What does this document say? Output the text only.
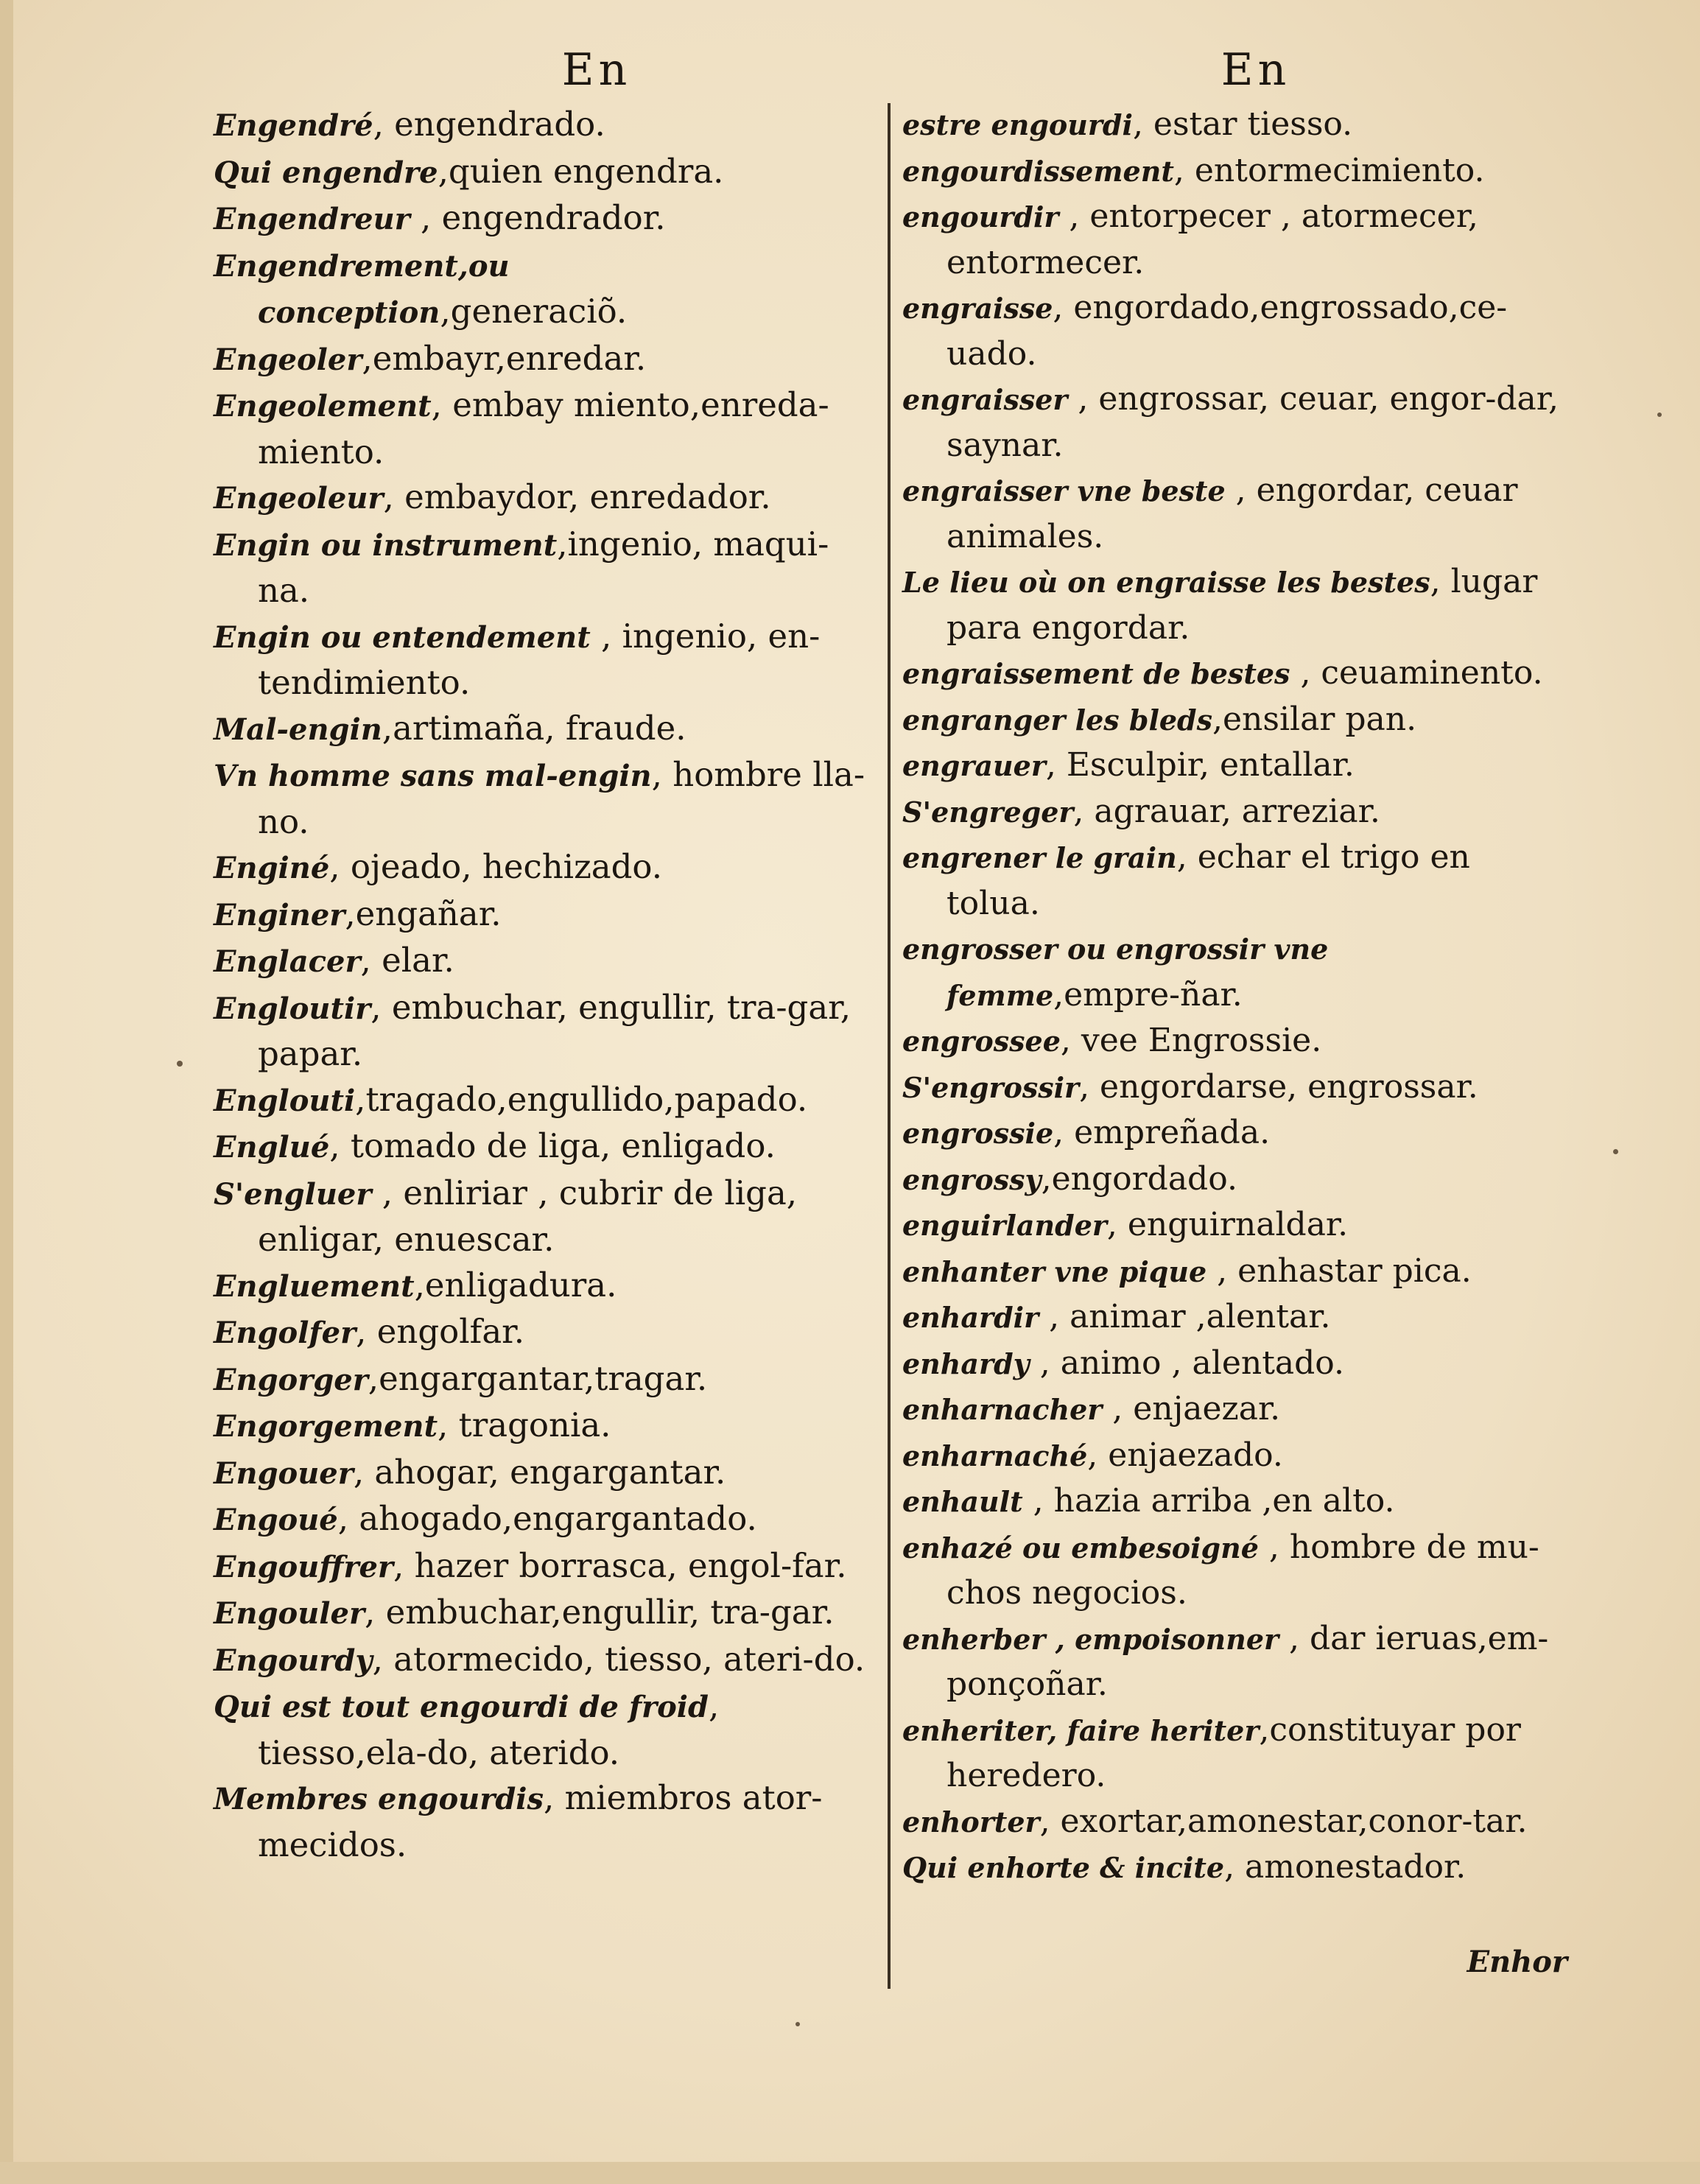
En
Engendré, engendrado.
Qui engendre,quien engendra.
Engendreur , engendrador.
Engendrement,ou conception,generaciõ.
Engeoler,embayr,enredar.
Engeolement, embay miento,enreda-miento.
Engeoleur, embaydor, enredador.
Engin ou instrument,ingenio, maqui-na.
Engin ou entendement , ingenio, en-tendimiento.
Mal-engin,artimaña, fraude.
Vn homme sans mal-engin, hombre lla-no.
Enginé, ojeado, hechizado.
Enginer,engañar.
Englacer, elar.
Engloutir, embuchar, engullir, tra-gar, papar.
Englouti,tragado,engullido,papado.
Englué, tomado de liga, enligado.
S'engluer , enliriar , cubrir de liga, enligar, enuescar.
Engluement,enligadura.
Engolfer, engolfar.
Engorger,engargantar,tragar.
Engorgement, tragonia.
Engouer, ahogar, engargantar.
Engoué, ahogado,engargantado.
Engouffrer, hazer borrasca, engol-far.
Engouler, embuchar,engullir, tra-gar.
Engourdy, atormecido, tiesso, ateri-do.
Qui est tout engourdi de froid, tiesso,ela-do, aterido.
Membres engourdis, miembros ator-mecidos.
En
estre engourdi, estar tiesso.
engourdissement, entormecimiento.
engourdir , entorpecer , atormecer, entormecer.
engraisse, engordado,engrossado,ce-uado.
engraisser , engrossar, ceuar, engor-dar, saynar.
engraisser vne beste , engordar, ceuar animales.
Le lieu où on engraisse les bestes, lugar para engordar.
engraissement de bestes , ceuaminento.
engranger les bleds,ensilar pan.
engrauer, Esculpir, entallar.
S'engreger, agrauar, arreziar.
engrener le grain, echar el trigo en tolua.
engrosser ou engrossir vne femme,empre-ñar.
engrossee, vee Engrossie.
S'engrossir, engordarse, engrossar.
engrossie, empreñada.
engrossy,engordado.
enguirlander, enguirnaldar.
enhanter vne pique , enhastar pica.
enhardir , animar ,alentar.
enhardy , animo , alentado.
enharnacher , enjaezar.
enharnaché, enjaezado.
enhault , hazia arriba ,en alto.
enhazé ou embesoigné , hombre de mu-chos negocios.
enherber , empoisonner , dar ieruas,em-ponçoñar.
enheriter, faire heriter,constituyar por heredero.
enhorter, exortar,amonestar,conor-tar.
Qui enhorte & incite, amonestador.
Enhor
